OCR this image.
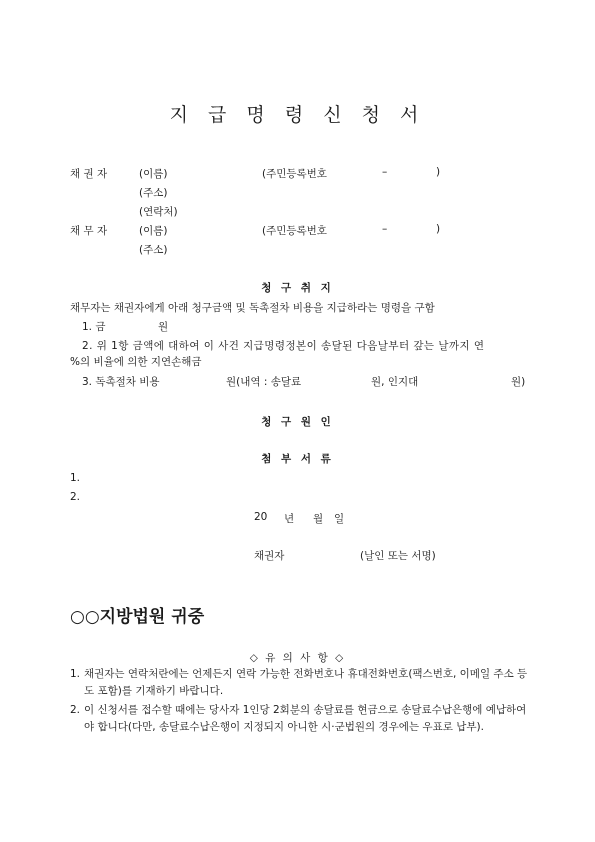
지 급 명 령 신 청 서
채 권 자	(이름)	(주민등록번호	–	)
(주소)
(연락처)
채 무 자	(이름)	(주민등록번호	–	)
(주소)
청 구 취 지
채무자는 채권자에게 아래 청구금액 및 독촉절차 비용을 지급하라는 명령을 구함
1. 금	원
2. 위 1항 금액에 대하여 이 사건 지급명령정본이 송달된 다음날부터 갚는 날까지 연
%의 비율에 의한 지연손해금
3. 독촉절차 비용	원(내역 : 송달료	원, 인지대	원)
청 구 원 인
첨 부 서 류
1.
2.
20 년 월 일
채권자	(날인 또는 서명)
○○지방법원 귀중
◇ 유 의 사 항 ◇
1. 채권자는 연락처란에는 언제든지 연락 가능한 전화번호나 휴대전화번호(팩스번호, 이메일 주소 등도 포함)를 기재하기 바랍니다.
2. 이 신청서를 접수할 때에는 당사자 1인당 2회분의 송달료를 현금으로 송달료수납은행에 예납하여야 합니다(다만, 송달료수납은행이 지정되지 아니한 시·군법원의 경우에는 우표로 납부).
